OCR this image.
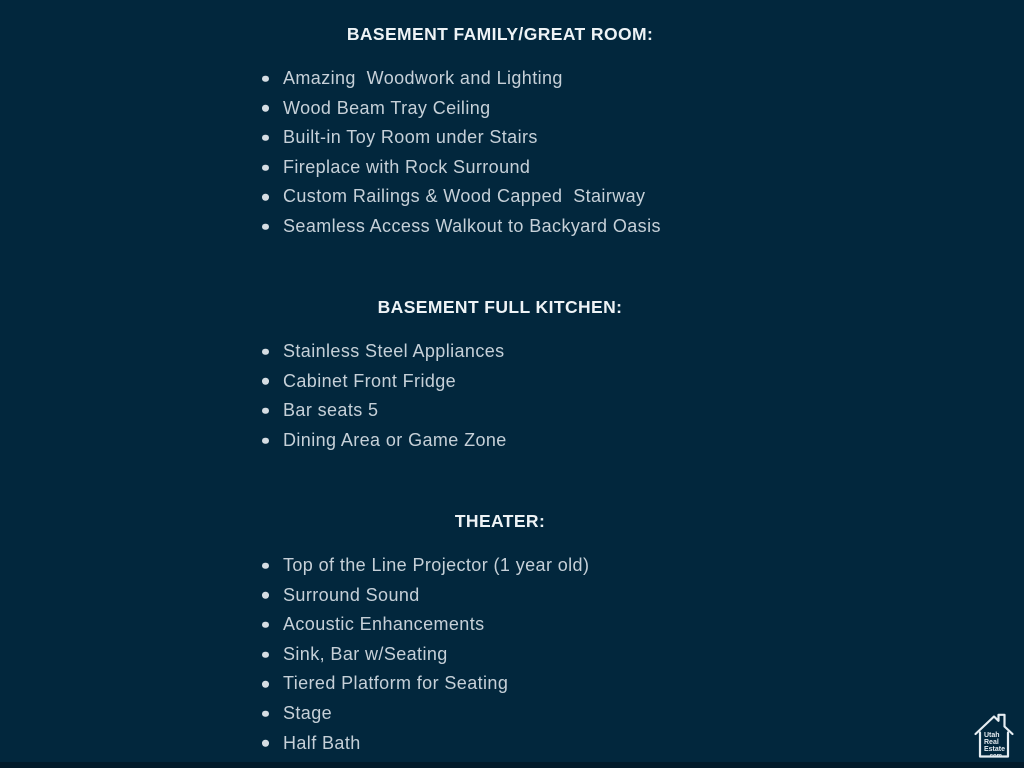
BASEMENT FAMILY/GREAT ROOM:
Amazing  Woodwork and Lighting
Wood Beam Tray Ceiling
Built-in Toy Room under Stairs
Fireplace with Rock Surround
Custom Railings & Wood Capped  Stairway
Seamless Access Walkout to Backyard Oasis
BASEMENT FULL KITCHEN:
Stainless Steel Appliances
Cabinet Front Fridge
Bar seats 5
Dining Area or Game Zone
THEATER:
Top of the Line Projector (1 year old)
Surround Sound
Acoustic Enhancements
Sink, Bar w/Seating
Tiered Platform for Seating
Stage
Half Bath	Utah
Real
Estate
.com
